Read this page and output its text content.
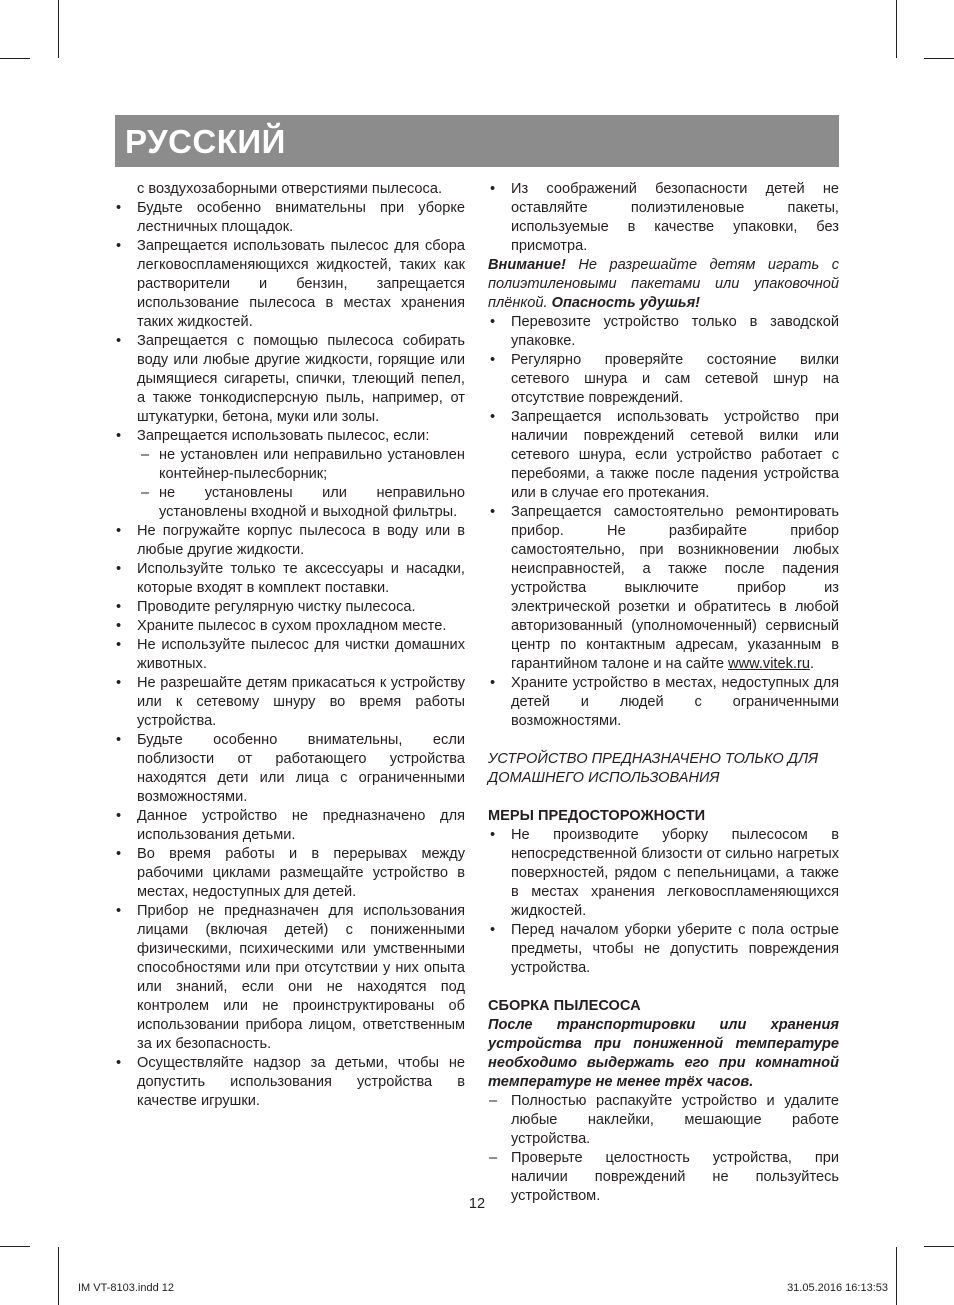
РУССКИЙ

с воздухозаборными отверстиями пылесоса.

• Будьте особенно внимательны при уборке лестничных площадок.
• Запрещается использовать пылесос для сбора легковоспламеняющихся жидкостей, таких как растворители и бензин, запрещается использование пылесоса в местах хранения таких жидкостей.
• Запрещается с помощью пылесоса собирать воду или любые другие жидкости, горящие или дымящиеся сигареты, спички, тлеющий пепел, а также тонкодисперсную пыль, например, от штукатурки, бетона, муки или золы.
• Запрещается использовать пылесос, если:
– не установлен или неправильно установлен контейнер-пылесборник;
– не установлены или неправильно установлены входной и выходной фильтры.
• Не погружайте корпус пылесоса в воду или в любые другие жидкости.
• Используйте только те аксессуары и насадки, которые входят в комплект поставки.
• Проводите регулярную чистку пылесоса.
• Храните пылесос в сухом прохладном месте.
• Не используйте пылесос для чистки домашних животных.
• Не разрешайте детям прикасаться к устройству или к сетевому шнуру во время работы устройства.
• Будьте особенно внимательны, если поблизости от работающего устройства находятся дети или лица с ограниченными возможностями.
• Данное устройство не предназначено для использования детьми.
• Во время работы и в перерывах между рабочими циклами размещайте устройство в местах, недоступных для детей.
• Прибор не предназначен для использования лицами (включая детей) с пониженными физическими, психическими или умственными способностями или при отсутствии у них опыта или знаний, если они не находятся под контролем или не проинструктированы об использовании прибора лицом, ответственным за их безопасность.
• Осуществляйте надзор за детьми, чтобы не допустить использования устройства в качестве игрушки.
• Из соображений безопасности детей не оставляйте полиэтиленовые пакеты, используемые в качестве упаковки, без присмотра.

Внимание! Не разрешайте детям играть с полиэтиленовыми пакетами или упаковочной плёнкой. Опасность удушья!

• Перевозите устройство только в заводской упаковке.
• Регулярно проверяйте состояние вилки сетевого шнура и сам сетевой шнур на отсутствие повреждений.
• Запрещается использовать устройство при наличии повреждений сетевой вилки или сетевого шнура, если устройство работает с перебоями, а также после падения устройства или в случае его протекания.
• Запрещается самостоятельно ремонтировать прибор. Не разбирайте прибор самостоятельно, при возникновении любых неисправностей, а также после падения устройства выключите прибор из электрической розетки и обратитесь в любой авторизованный (уполномоченный) сервисный центр по контактным адресам, указанным в гарантийном талоне и на сайте www.vitek.ru.
• Храните устройство в местах, недоступных для детей и людей с ограниченными возможностями.

УСТРОЙСТВО ПРЕДНАЗНАЧЕНО ТОЛЬКО ДЛЯ ДОМАШНЕГО ИСПОЛЬЗОВАНИЯ

МЕРЫ ПРЕДОСТОРОЖНОСТИ

• Не производите уборку пылесосом в непосредственной близости от сильно нагретых поверхностей, рядом с пепельницами, а также в местах хранения легковоспламеняющихся жидкостей.
• Перед началом уборки уберите с пола острые предметы, чтобы не допустить повреждения устройства.

СБОРКА ПЫЛЕСОСА

После транспортировки или хранения устройства при пониженной температуре необходимо выдержать его при комнатной температуре не менее трёх часов.

– Полностью распакуйте устройство и удалите любые наклейки, мешающие работе устройства.
– Проверьте целостность устройства, при наличии повреждений не пользуйтесь устройством.
12
IM VT-8103.indd 12	31.05.2016 16:13:53
